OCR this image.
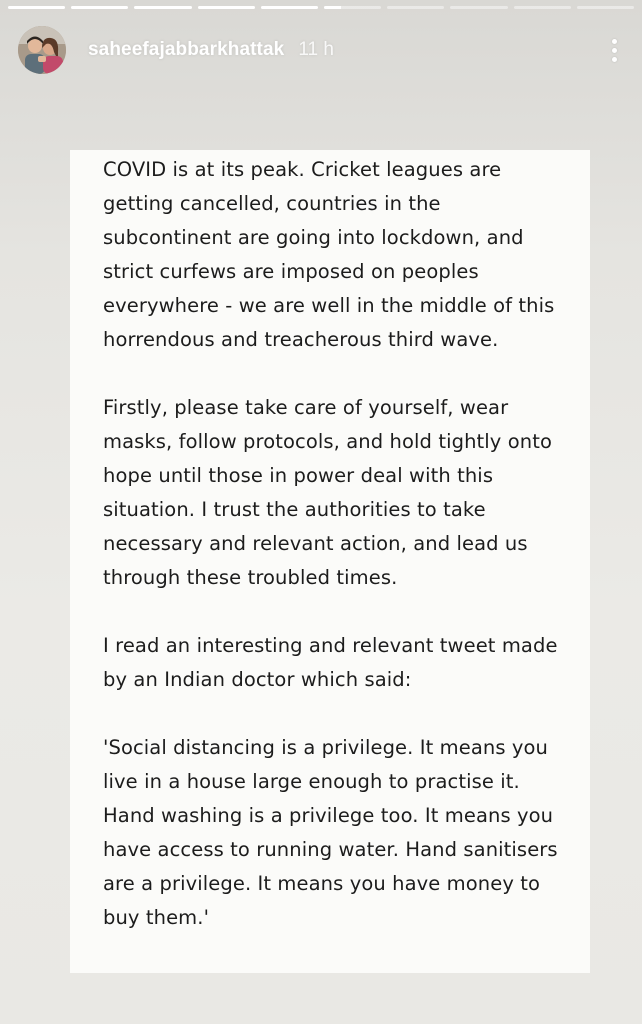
saheefajabbarkhattak 11 h

COVID is at its peak. Cricket leagues are getting cancelled, countries in the subcontinent are going into lockdown, and strict curfews are imposed on peoples everywhere - we are well in the middle of this horrendous and treacherous third wave.

Firstly, please take care of yourself, wear masks, follow protocols, and hold tightly onto hope until those in power deal with this situation. I trust the authorities to take necessary and relevant action, and lead us through these troubled times.

I read an interesting and relevant tweet made by an Indian doctor which said:

'Social distancing is a privilege. It means you live in a house large enough to practise it. Hand washing is a privilege too. It means you have access to running water. Hand sanitisers are a privilege. It means you have money to buy them.'
